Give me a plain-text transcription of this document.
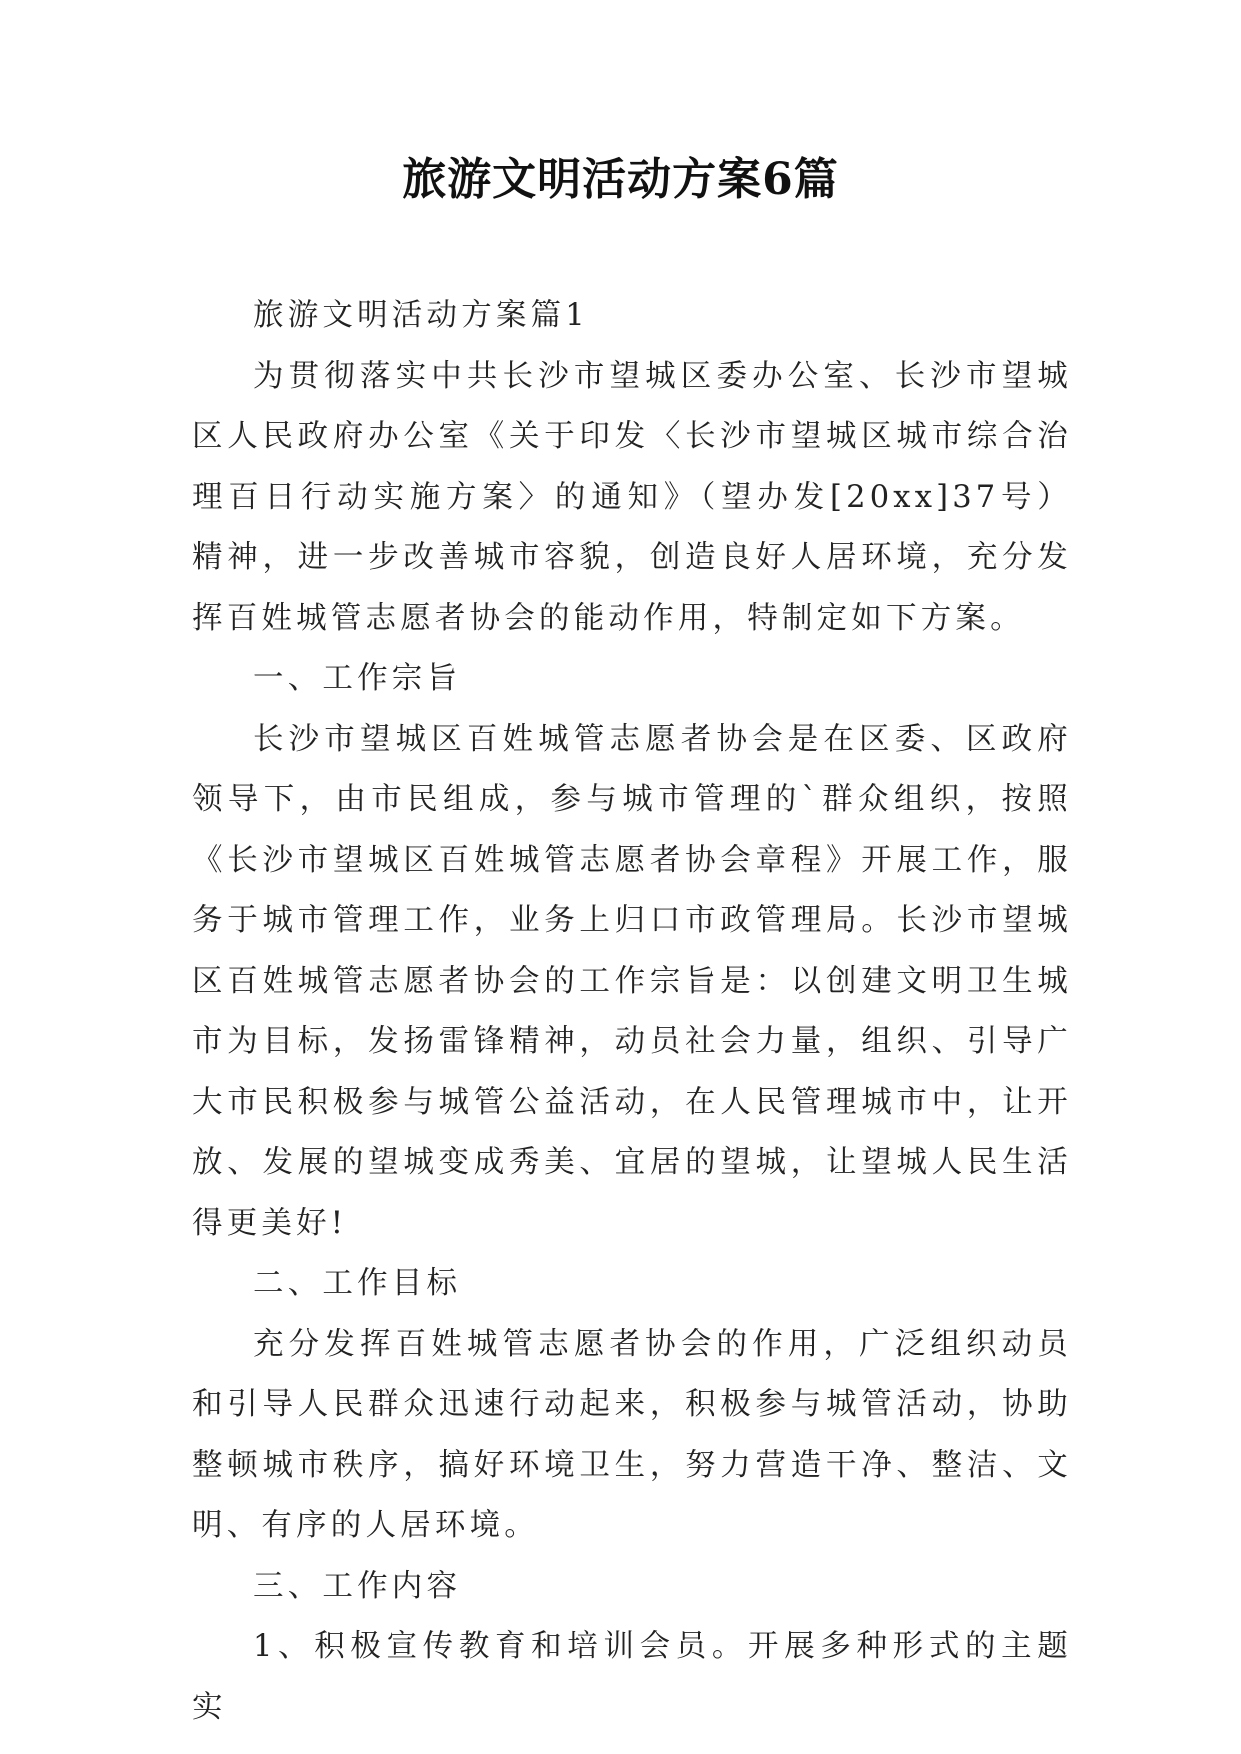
旅游文明活动方案6篇

旅游文明活动方案篇1

为贯彻落实中共长沙市望城区委办公室、长沙市望城区人民政府办公室《关于印发〈长沙市望城区城市综合治理百日行动实施方案〉的通知》（望办发[20xx]37号）精神，进一步改善城市容貌，创造良好人居环境，充分发挥百姓城管志愿者协会的能动作用，特制定如下方案。

一、工作宗旨

长沙市望城区百姓城管志愿者协会是在区委、区政府领导下，由市民组成，参与城市管理的`群众组织，按照《长沙市望城区百姓城管志愿者协会章程》开展工作，服务于城市管理工作，业务上归口市政管理局。长沙市望城区百姓城管志愿者协会的工作宗旨是：以创建文明卫生城市为目标，发扬雷锋精神，动员社会力量，组织、引导广大市民积极参与城管公益活动，在人民管理城市中，让开放、发展的望城变成秀美、宜居的望城，让望城人民生活得更美好!

二、工作目标

充分发挥百姓城管志愿者协会的作用，广泛组织动员和引导人民群众迅速行动起来，积极参与城管活动，协助整顿城市秩序，搞好环境卫生，努力营造干净、整洁、文明、有序的人居环境。

三、工作内容

1、积极宣传教育和培训会员。开展多种形式的主题实
